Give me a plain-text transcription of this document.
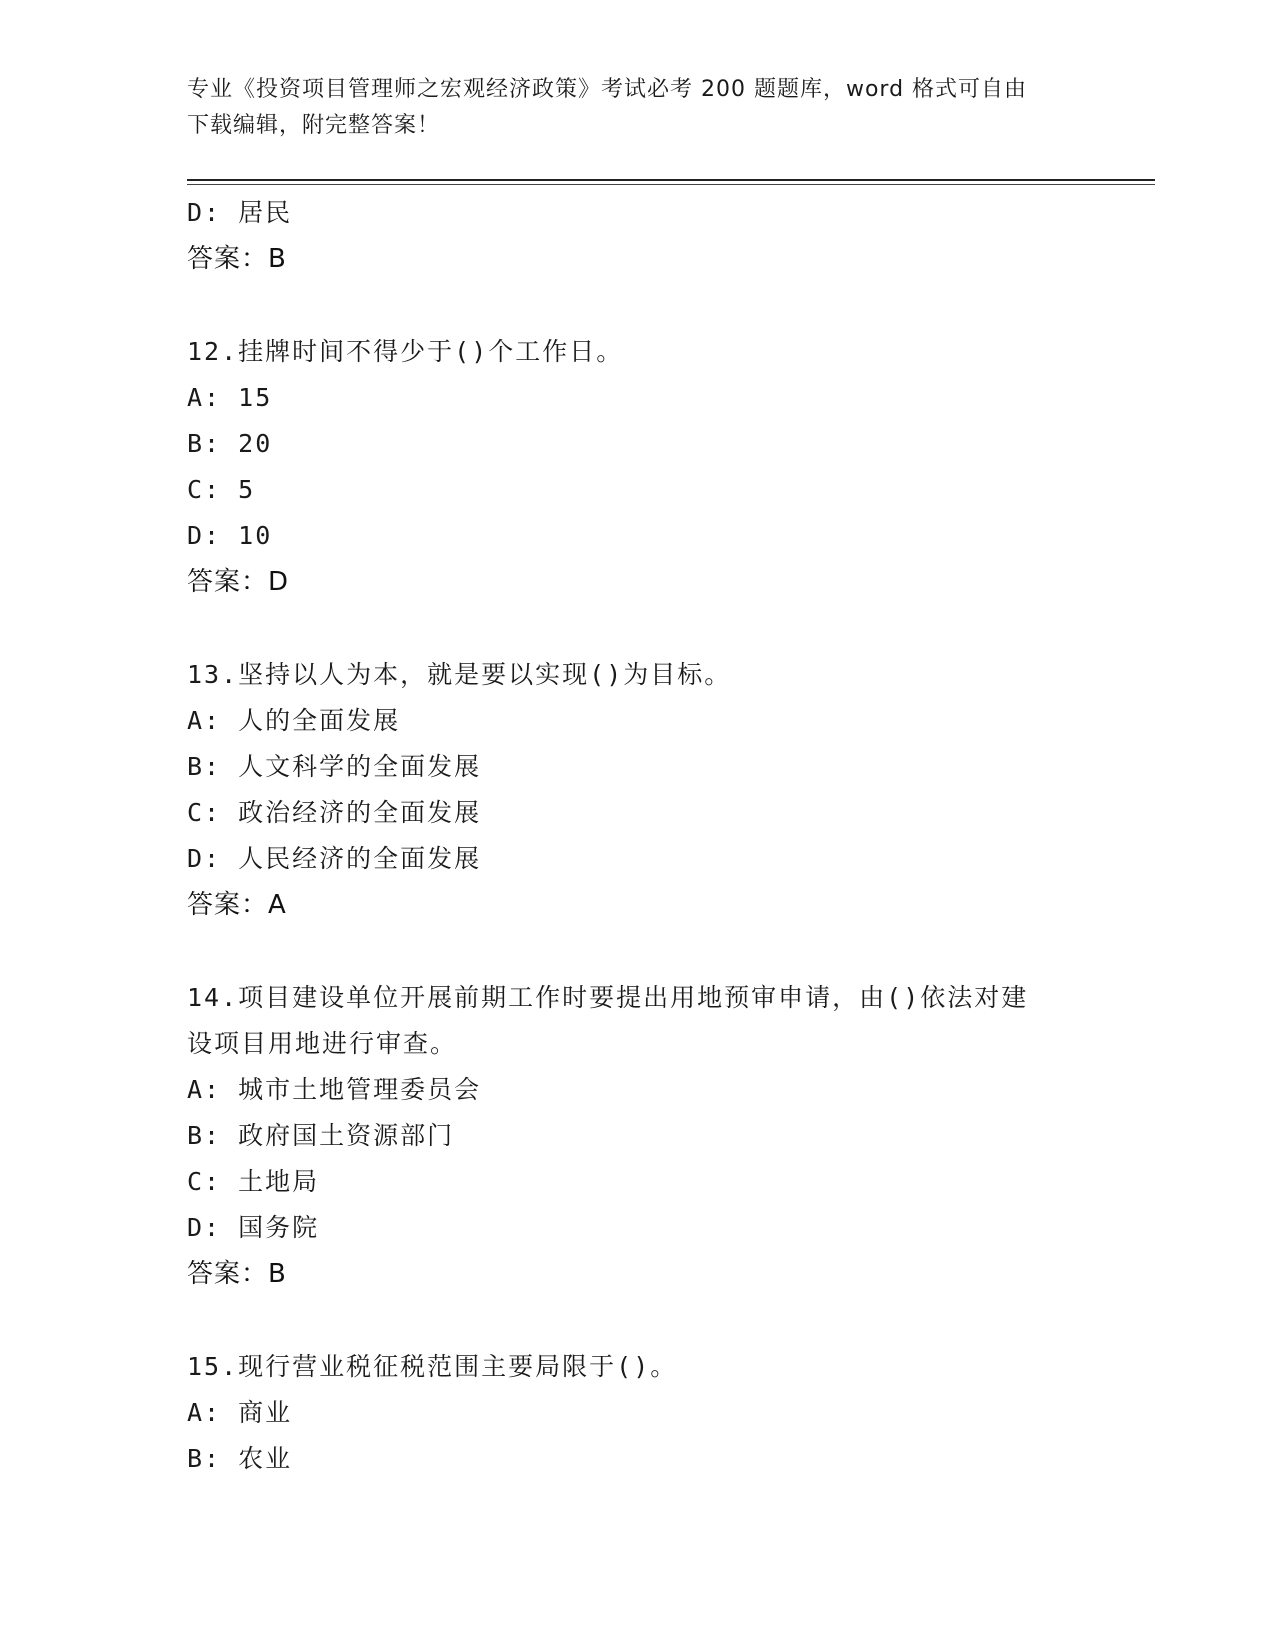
专业《投资项目管理师之宏观经济政策》考试必考 200 题题库，word 格式可自由
下载编辑，附完整答案！
D: 居民
答案：B
12.挂牌时间不得少于()个工作日。
A: 15
B: 20
C: 5
D: 10
答案：D
13.坚持以人为本，就是要以实现()为目标。
A: 人的全面发展
B: 人文科学的全面发展
C: 政治经济的全面发展
D: 人民经济的全面发展
答案：A
14.项目建设单位开展前期工作时要提出用地预审申请，由()依法对建
设项目用地进行审查。
A: 城市土地管理委员会
B: 政府国土资源部门
C: 土地局
D: 国务院
答案：B
15.现行营业税征税范围主要局限于()。
A: 商业
B: 农业
